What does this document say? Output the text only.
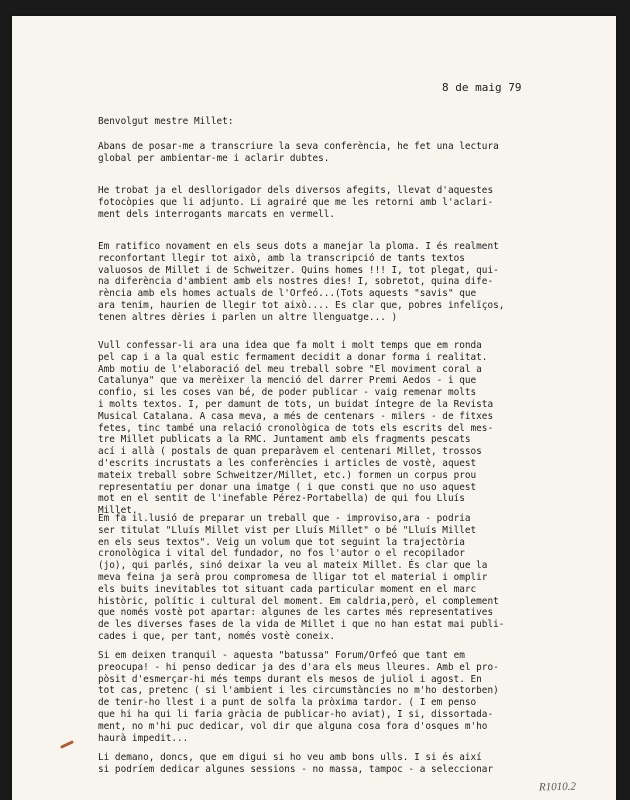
8 de maig 79
Benvolgut mestre Millet:
Abans de posar-me a transcriure la seva conferència, he fet una lectura
global per ambientar-me i aclarir dubtes.
He trobat ja el desllorigador dels diversos afegits, llevat d'aquestes
fotocòpies que li adjunto. Li agrairé que me les retorni amb l'aclari-
ment dels interrogants marcats en vermell.
Em ratifico novament en els seus dots a manejar la ploma. I és realment
reconfortant llegir tot això, amb la transcripció de tants textos
valuosos de Millet i de Schweitzer. Quins homes !!! I, tot plegat, qui-
na diferència d'ambient amb els nostres dies! I, sobretot, quina dife-
rència amb els homes actuals de l'Orfeó...(Tots aquests "savis" que
ara tenim, haurien de llegir tot això.... Es clar que, pobres infelïços,
tenen altres dèries i parlen un altre llenguatge... )
Vull confessar-li ara una idea que fa molt i molt temps que em ronda
pel cap i a la qual estic fermament decidit a donar forma i realitat.
Amb motiu de l'elaboració del meu treball sobre "El moviment coral a
Catalunya" que va merèixer la menció del darrer Premi Aedos - i que
confio, si les coses van bé, de poder publicar - vaig remenar molts
i molts textos. I, per damunt de tots, un buidat íntegre de la Revista
Musical Catalana. A casa meva, a més de centenars - milers - de fitxes
fetes, tinc també una relació cronològica de tots els escrits del mes-
tre Millet publicats a la RMC. Juntament amb els fragments pescats
ací i allà ( postals de quan preparàvem el centenari Millet, trossos
d'escrits incrustats a les conferències i articles de vostè, aquest
mateix treball sobre Schweitzer/Millet, etc.) formen un corpus prou
representatiu per donar una imatge ( i que consti que no uso aquest
mot en el sentit de l'inefable Pérez-Portabella) de qui fou Lluís
Millet.
Em fa il.lusió de preparar un treball que - improviso,ara - podria
ser titulat "Lluís Millet vist per Lluís Millet" o bé "Lluís Millet
en els seus textos". Veig un volum que tot seguint la trajectòria
cronològica i vital del fundador, no fos l'autor o el recopilador
(jo), qui parlés, sinó deixar la veu al mateix Millet. És clar que la
meva feina ja serà prou compromesa de lligar tot el material i omplir
els buits inevitables tot situant cada particular moment en el marc
històric, polític i cultural del moment. Em caldria,però, el complement
que només vostè pot apartar: algunes de les cartes més representatives
de les diverses fases de la vida de Millet i que no han estat mai publi-
cades i que, per tant, només vostè coneix.
Si em deixen tranquil - aquesta "batussa" Forum/Orfeó que tant em
preocupa! - hi penso dedicar ja des d'ara els meus lleures. Amb el pro-
pòsit d'esmerçar-hi més temps durant els mesos de juliol i agost. En
tot cas, pretenc ( si l'ambient i les circumstàncies no m'ho destorben)
de tenir-ho llest i a punt de solfa la pròxima tardor. ( I em penso
que hi ha qui li faria gràcia de publicar-ho aviat), I si, dissortada-
ment, no m'hi puc dedicar, vol dir que alguna cosa fora d'osques m'ho
haurà impedit...
Li demano, doncs, que em digui si ho veu amb bons ulls. I si és així
si podríem dedicar algunes sessions - no massa, tampoc - a seleccionar
R1010.2
